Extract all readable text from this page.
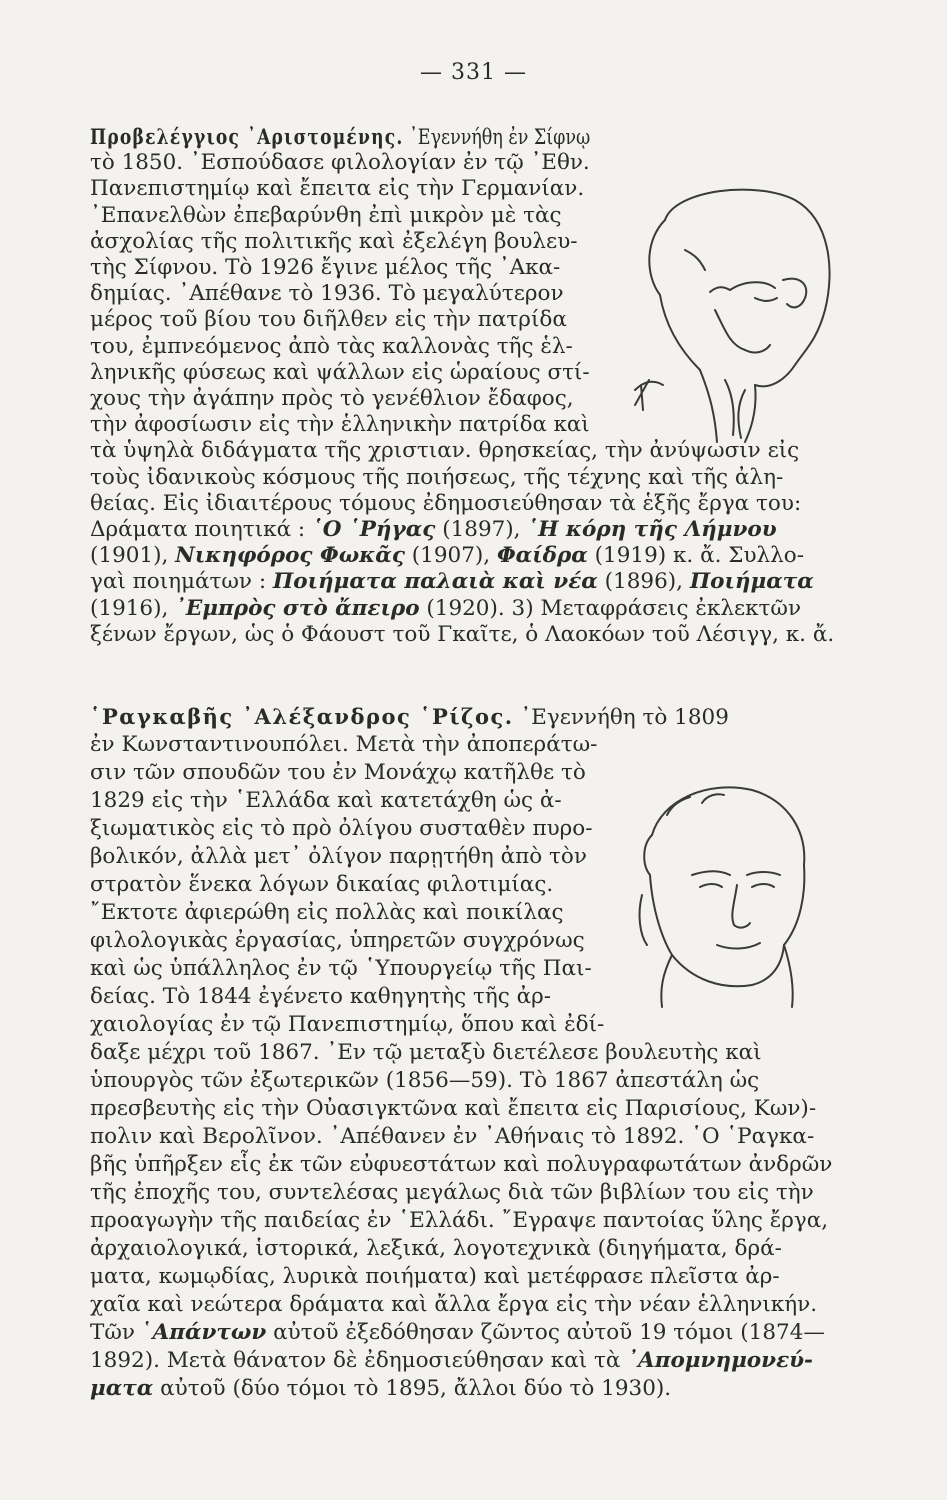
— 331 —
Προβελέγγιος ᾿Αριστομένης. ᾿Εγεννήθη ἐν Σίφνῳ
τὸ 1850. ᾿Εσπούδασε φιλολογίαν ἐν τῷ ᾿Εθν.
Πανεπιστημίῳ καὶ ἔπειτα εἰς τὴν Γερμανίαν.
᾿Επανελθὼν ἐπεβαρύνθη ἐπὶ μικρὸν μὲ τὰς
ἀσχολίας τῆς πολιτικῆς καὶ ἐξελέγη βουλευ-
τὴς Σίφνου. Τὸ 1926 ἔγινε μέλος τῆς ᾿Ακα-
δημίας. ᾿Απέθανε τὸ 1936. Τὸ μεγαλύτερον
μέρος τοῦ βίου του διῆλθεν εἰς τὴν πατρίδα
του, ἐμπνεόμενος ἀπὸ τὰς καλλονὰς τῆς ἑλ-
ληνικῆς φύσεως καὶ ψάλλων εἰς ὡραίους στί-
χους τὴν ἀγάπην πρὸς τὸ γενέθλιον ἔδαφος,
τὴν ἀφοσίωσιν εἰς τὴν ἑλληνικὴν πατρίδα καὶ
τὰ ὑψηλὰ διδάγματα τῆς χριστιαν. θρησκείας, τὴν ἀνύψωσιν εἰς
τοὺς ἰδανικοὺς κόσμους τῆς ποιήσεως, τῆς τέχνης καὶ τῆς ἀλη-
θείας. Εἰς ἰδιαιτέρους τόμους ἐδημοσιεύθησαν τὰ ἑξῆς ἔργα του:
Δράματα ποιητικά : ῾Ο ῾Ρήγας (1897), ῾Η κόρη τῆς Λήμνου
(1901), Νικηφόρος Φωκᾶς (1907), Φαίδρα (1919) κ. ἄ. Συλλο-
γαὶ ποιημάτων : Ποιήματα παλαιὰ καὶ νέα (1896), Ποιήματα
(1916), ᾿Εμπρὸς στὸ ἄπειρο (1920). 3) Μεταφράσεις ἐκλεκτῶν
ξένων ἔργων, ὡς ὁ Φάουστ τοῦ Γκαῖτε, ὁ Λαοκόων τοῦ Λέσιγγ, κ. ἄ.
῾Ραγκαβῆς ᾿Αλέξανδρος ῾Ρίζος. ᾿Εγεννήθη τὸ 1809
ἐν Κωνσταντινουπόλει. Μετὰ τὴν ἀποπεράτω-
σιν τῶν σπουδῶν του ἐν Μονάχῳ κατῆλθε τὸ
1829 εἰς τὴν ῾Ελλάδα καὶ κατετάχθη ὡς ἀ-
ξιωματικὸς εἰς τὸ πρὸ ὀλίγου συσταθὲν πυρο-
βολικόν, ἀλλὰ μετ᾿ ὀλίγον παρῃτήθη ἀπὸ τὸν
στρατὸν ἕνεκα λόγων δικαίας φιλοτιμίας.
῎Εκτοτε ἀφιερώθη εἰς πολλὰς καὶ ποικίλας
φιλολογικὰς ἐργασίας, ὑπηρετῶν συγχρόνως
καὶ ὡς ὑπάλληλος ἐν τῷ ῾Υπουργείῳ τῆς Παι-
δείας. Τὸ 1844 ἐγένετο καθηγητὴς τῆς ἀρ-
χαιολογίας ἐν τῷ Πανεπιστημίῳ, ὅπου καὶ ἐδί-
δαξε μέχρι τοῦ 1867. ᾿Εν τῷ μεταξὺ διετέλεσε βουλευτὴς καὶ
ὑπουργὸς τῶν ἐξωτερικῶν (1856—59). Τὸ 1867 ἀπεστάλη ὡς
πρεσβευτὴς εἰς τὴν Οὐασιγκτῶνα καὶ ἔπειτα εἰς Παρισίους, Κων)-
πολιν καὶ Βερολῖνον. ᾿Απέθανεν ἐν ᾿Αθήναις τὸ 1892. ῾Ο ῾Ραγκα-
βῆς ὑπῆρξεν εἷς ἐκ τῶν εὐφυεστάτων καὶ πολυγραφωτάτων ἀνδρῶν
τῆς ἐποχῆς του, συντελέσας μεγάλως διὰ τῶν βιβλίων του εἰς τὴν
προαγωγὴν τῆς παιδείας ἐν ῾Ελλάδι. ῎Εγραψε παντοίας ὕλης ἔργα,
ἀρχαιολογικά, ἱστορικά, λεξικά, λογοτεχνικὰ (διηγήματα, δρά-
ματα, κωμῳδίας, λυρικὰ ποιήματα) καὶ μετέφρασε πλεῖστα ἀρ-
χαῖα καὶ νεώτερα δράματα καὶ ἄλλα ἔργα εἰς τὴν νέαν ἑλληνικήν.
Τῶν ῾Απάντων αὐτοῦ ἐξεδόθησαν ζῶντος αὐτοῦ 19 τόμοι (1874—
1892). Μετὰ θάνατον δὲ ἐδημοσιεύθησαν καὶ τὰ ᾿Απομνημονεύ-
ματα αὐτοῦ (δύο τόμοι τὸ 1895, ἄλλοι δύο τὸ 1930).
